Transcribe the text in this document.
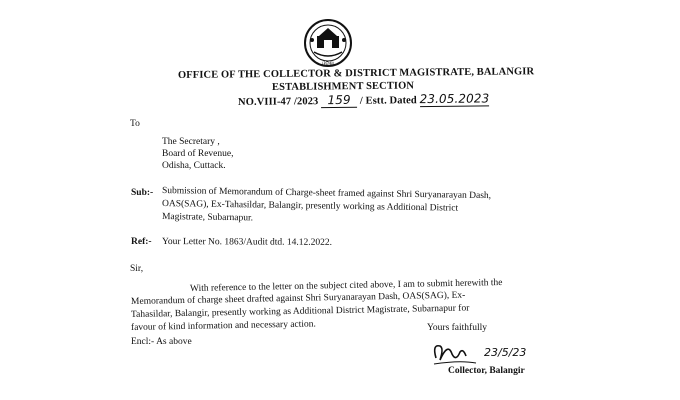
ଓଡ଼ିଶା
OFFICE OF THE COLLECTOR & DISTRICT MAGISTRATE, BALANGIR
ESTABLISHMENT SECTION
NO.VIII-47 /2023 159 / Estt. Dated 23.05.2023
To
The Secretary ,
Board of Revenue,
Odisha, Cuttack.
Sub:- Submission of Memorandum of Charge-sheet framed against Shri Suryanarayan Dash,
OAS(SAG), Ex-Tahasildar, Balangir, presently working as Additional District
Magistrate, Subarnapur.
Ref:- Your Letter No. 1863/Audit dtd. 14.12.2022.
Sir,
With reference to the letter on the subject cited above, I am to submit herewith the
Memorandum of charge sheet drafted against Shri Suryanarayan Dash, OAS(SAG), Ex-
Tahasildar, Balangir, presently working as Additional District Magistrate, Subarnapur for
favour of kind information and necessary action.	Yours faithfully
Encl:- As above
23/5/23
Collector, Balangir
